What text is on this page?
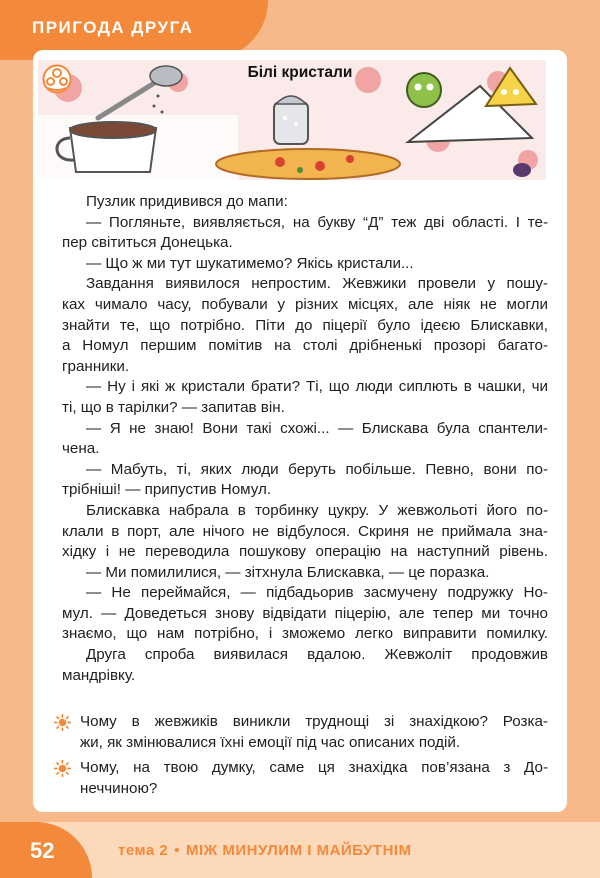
ПРИГОДА ДРУГА
Білі кристали
Пузлик придивився до мапи:
— Погляньте, виявляється, на букву “Д” теж дві області. І те-
пер світиться Донецька.
— Що ж ми тут шукатимемо? Якісь кристали...
Завдання виявилося непростим. Жевжики провели у пошу-
ках чимало часу, побували у різних місцях, але ніяк не могли
знайти те, що потрібно. Піти до піцерії було ідеєю Блискавки,
а Номул першим помітив на столі дрібненькі прозорі багато-
гранники.
— Ну і які ж кристали брати? Ті, що люди сиплють в чашки, чи
ті, що в тарілки? — запитав він.
— Я не знаю! Вони такі схожі... — Блискава була спантели-
чена.
— Мабуть, ті, яких люди беруть побільше. Певно, вони по-
трібніші! — припустив Номул.
Блискавка набрала в торбинку цукру. У жевжольоті його по-
клали в порт, але нічого не відбулося. Скриня не приймала зна-
хідку і не переводила пошукову операцію на наступний рівень.
— Ми помилилися, — зітхнула Блискавка, — це поразка.
— Не переймайся, — підбадьорив засмучену подружку Но-
мул. — Доведеться знову відвідати піцерію, але тепер ми точно
знаємо, що нам потрібно, і зможемо легко виправити помилку.
Друга спроба виявилася вдалою. Жевжоліт продовжив
мандрівку.
Чому в жевжиків виникли труднощі зі знахідкою? Розка-
жи, як змінювалися їхні емоції під час описаних подій.
Чому, на твою думку, саме ця знахідка пов’язана з До-
неччиною?
52	тема 2 • МІЖ МИНУЛИМ І МАЙБУТНІМ
